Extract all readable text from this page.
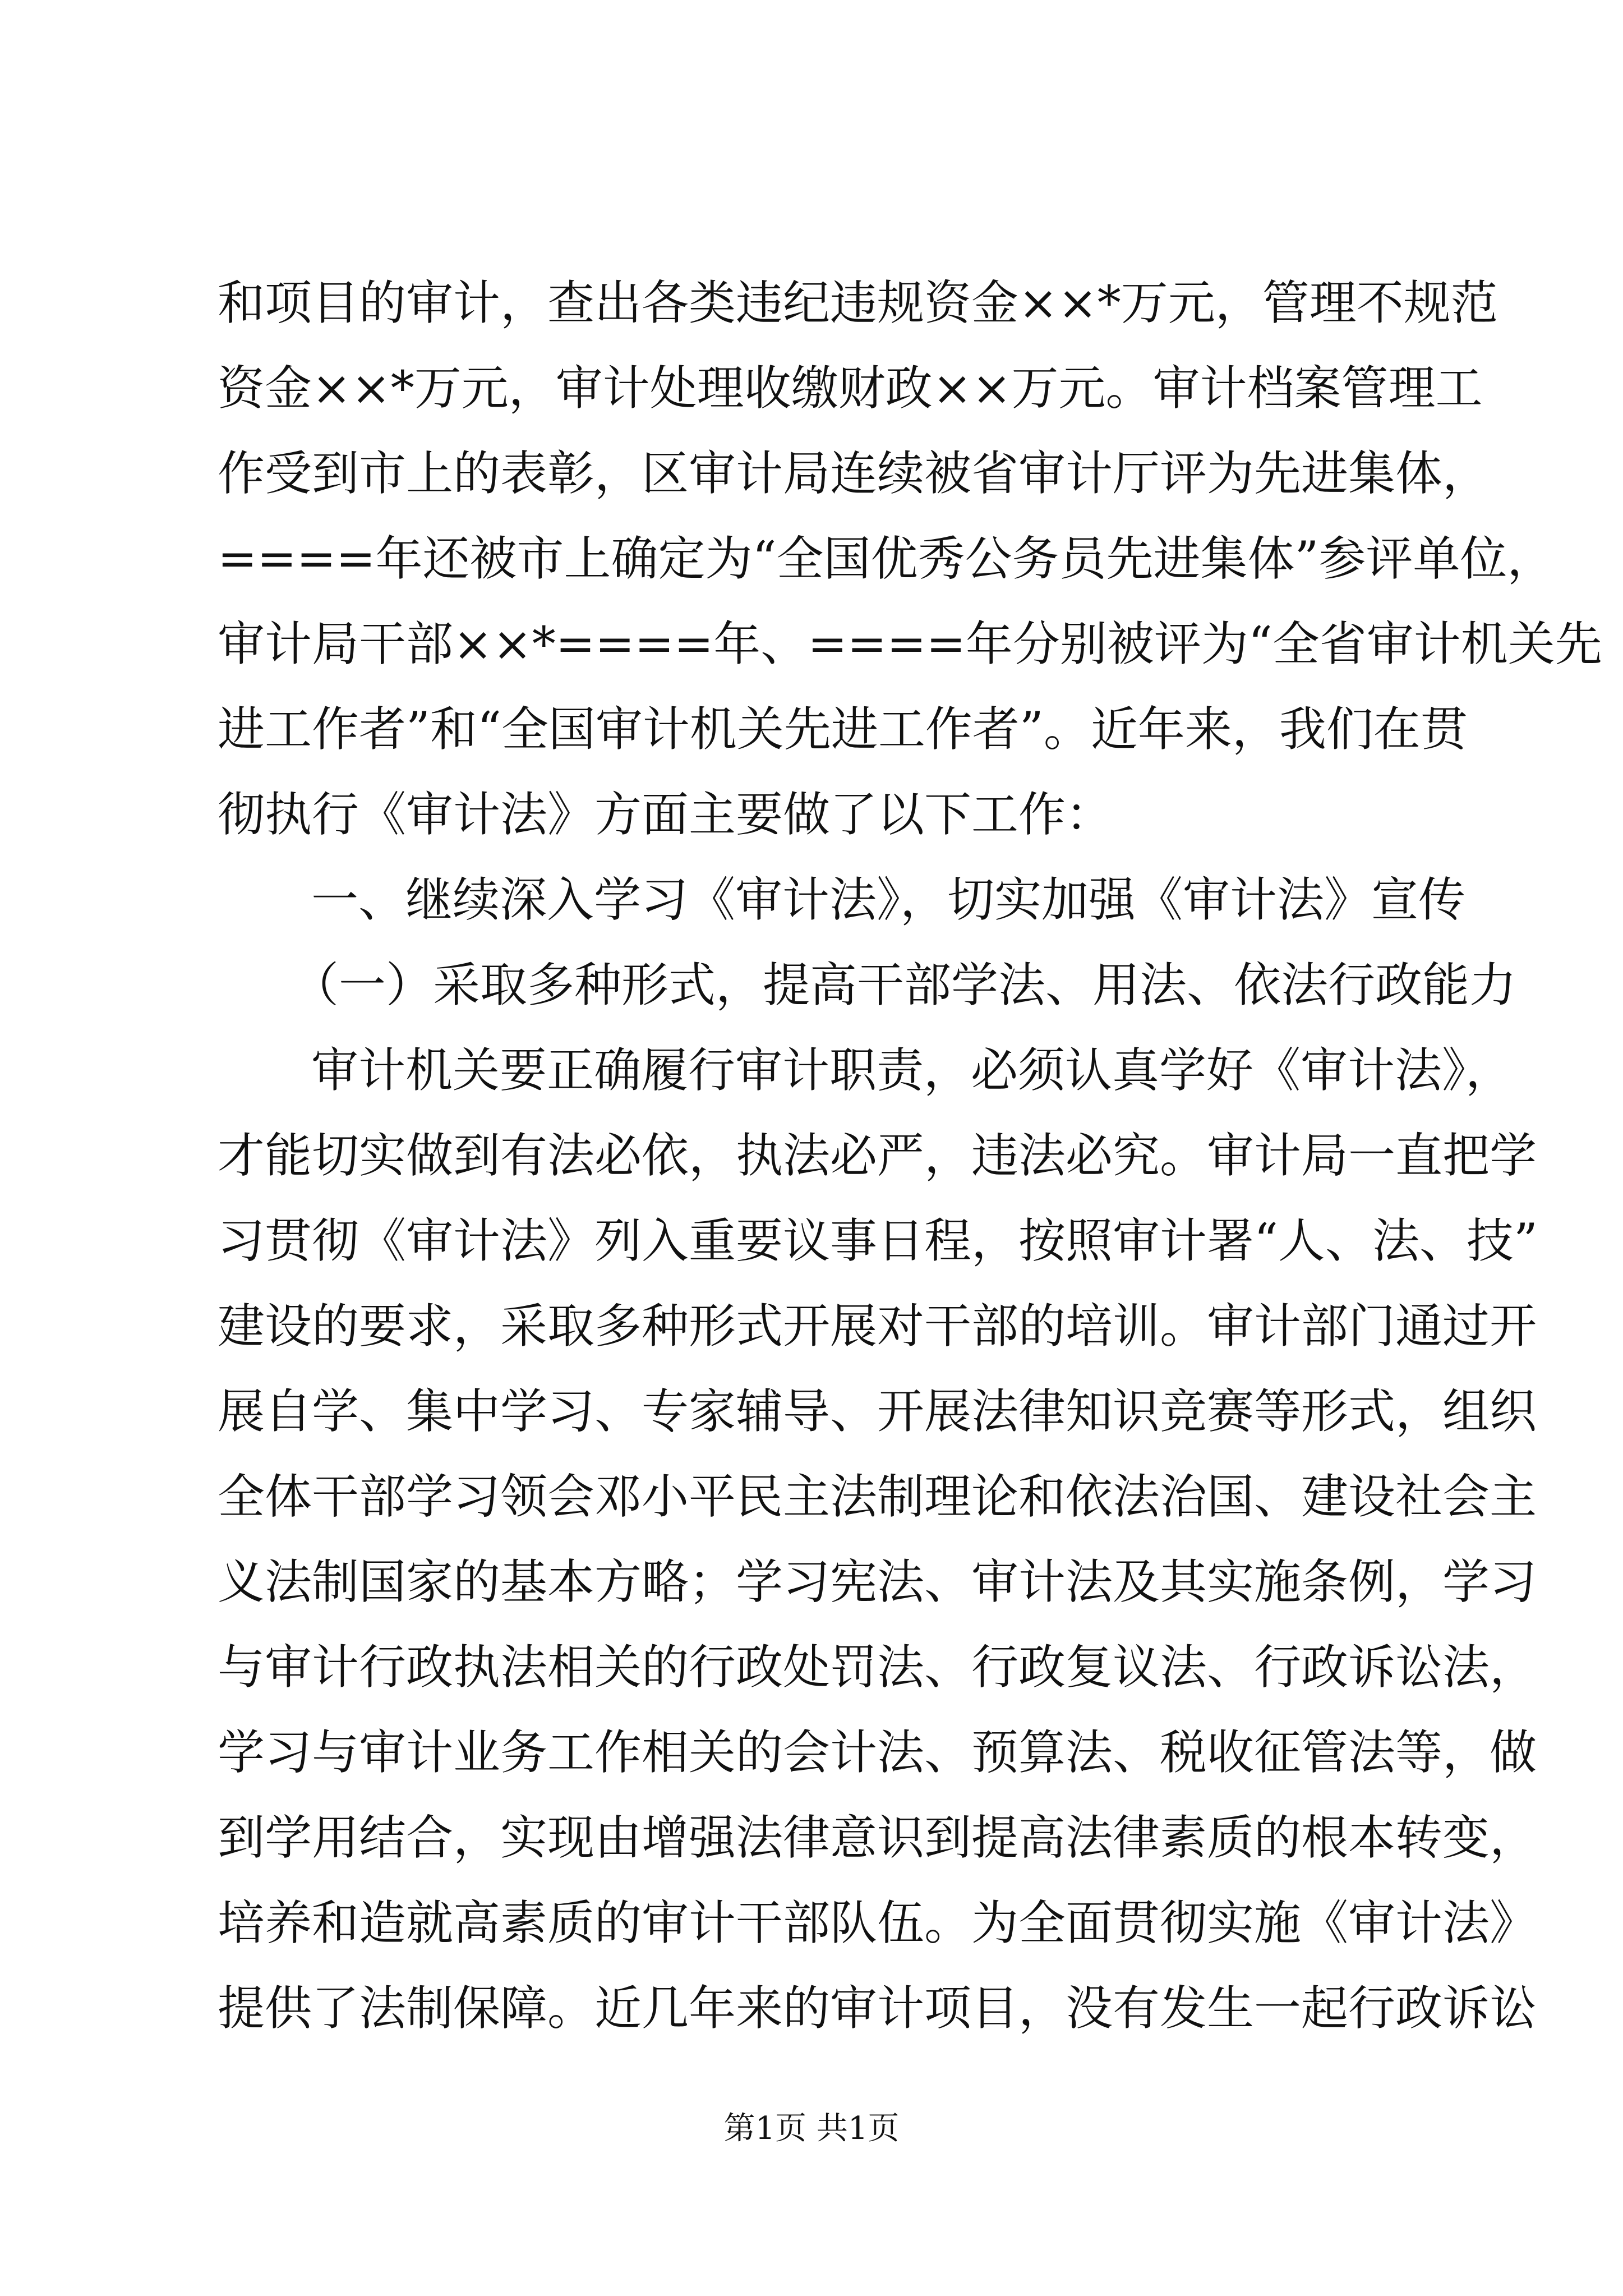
和项目的审计，查出各类违纪违规资金××*万元，管理不规范
资金××*万元，审计处理收缴财政××万元。审计档案管理工
作受到市上的表彰，区审计局连续被省审计厅评为先进集体，
====年还被市上确定为“全国优秀公务员先进集体”参评单位，
审计局干部××*====年、====年分别被评为“全省审计机关先
进工作者”和“全国审计机关先进工作者”。近年来，我们在贯
彻执行《审计法》方面主要做了以下工作：
一、继续深入学习《审计法》，切实加强《审计法》宣传
（一）采取多种形式，提高干部学法、用法、依法行政能力
审计机关要正确履行审计职责，必须认真学好《审计法》，
才能切实做到有法必依，执法必严，违法必究。审计局一直把学
习贯彻《审计法》列入重要议事日程，按照审计署“人、法、技”
建设的要求，采取多种形式开展对干部的培训。审计部门通过开
展自学、集中学习、专家辅导、开展法律知识竞赛等形式，组织
全体干部学习领会邓小平民主法制理论和依法治国、建设社会主
义法制国家的基本方略；学习宪法、审计法及其实施条例，学习
与审计行政执法相关的行政处罚法、行政复议法、行政诉讼法，
学习与审计业务工作相关的会计法、预算法、税收征管法等，做
到学用结合，实现由增强法律意识到提高法律素质的根本转变，
培养和造就高素质的审计干部队伍。为全面贯彻实施《审计法》
提供了法制保障。近几年来的审计项目，没有发生一起行政诉讼
第1页 共1页
